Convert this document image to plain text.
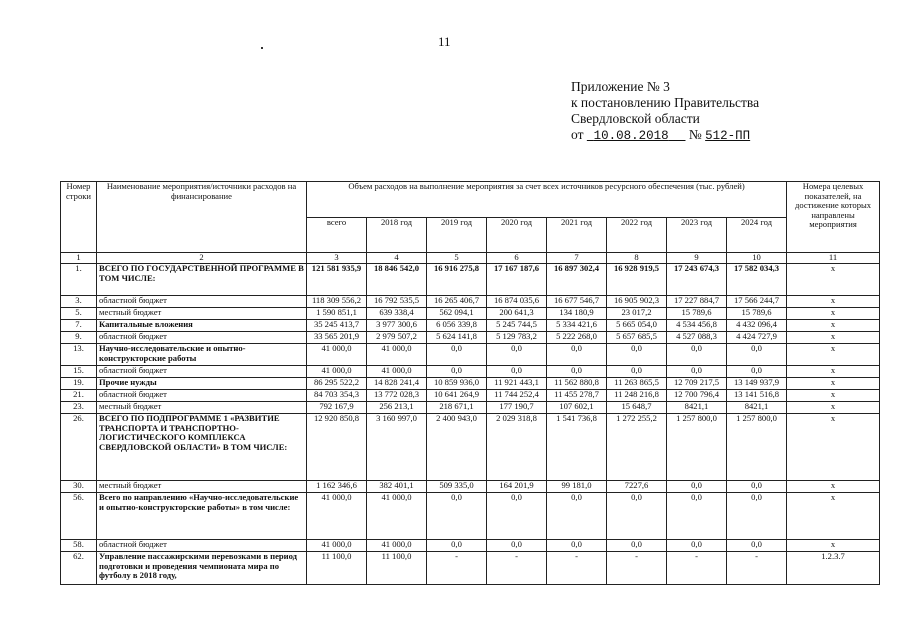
11
Приложение № 3
к постановлению Правительства
Свердловской области
от 10.08.2018 № 512-ПП
Номер строки	Наименование мероприятия/источники расходов на финансирование	Объем расходов на выполнение мероприятия за счет всех источников ресурсного обеспечения (тыс. рублей)								Номера целевых показателей, на достижение которых направлены мероприятия
		всего	2018 год	2019 год	2020 год	2021 год	2022 год	2023 год	2024 год	
1	2	3	4	5	6	7	8	9	10	11
1.	ВСЕГО ПО ГОСУДАРСТВЕННОЙ ПРОГРАММЕ В ТОМ ЧИСЛЕ:	121 581 935,9	18 846 542,0	16 916 275,8	17 167 187,6	16 897 302,4	16 928 919,5	17 243 674,3	17 582 034,3	x
3.	областной бюджет	118 309 556,2	16 792 535,5	16 265 406,7	16 874 035,6	16 677 546,7	16 905 902,3	17 227 884,7	17 566 244,7	x
5.	местный бюджет	1 590 851,1	639 338,4	562 094,1	200 641,3	134 180,9	23 017,2	15 789,6	15 789,6	x
7.	Капитальные вложения	35 245 413,7	3 977 300,6	6 056 339,8	5 245 744,5	5 334 421,6	5 665 054,0	4 534 456,8	4 432 096,4	x
9.	областной бюджет	33 565 201,9	2 979 507,2	5 624 141,8	5 129 783,2	5 222 268,0	5 657 685,5	4 527 088,3	4 424 727,9	x
13.	Научно-исследовательские и опытно-конструкторские работы	41 000,0	41 000,0	0,0	0,0	0,0	0,0	0,0	0,0	x
15.	областной бюджет	41 000,0	41 000,0	0,0	0,0	0,0	0,0	0,0	0,0	x
19.	Прочие нужды	86 295 522,2	14 828 241,4	10 859 936,0	11 921 443,1	11 562 880,8	11 263 865,5	12 709 217,5	13 149 937,9	x
21.	областной бюджет	84 703 354,3	13 772 028,3	10 641 264,9	11 744 252,4	11 455 278,7	11 248 216,8	12 700 796,4	13 141 516,8	x
23.	местный бюджет	792 167,9	256 213,1	218 671,1	177 190,7	107 602,1	15 648,7	8421,1	8421,1	x
26.	ВСЕГО ПО ПОДПРОГРАММЕ 1 «РАЗВИТИЕ ТРАНСПОРТА И ТРАНСПОРТНО-ЛОГИСТИЧЕСКОГО КОМПЛЕКСА СВЕРДЛОВСКОЙ ОБЛАСТИ» В ТОМ ЧИСЛЕ:	12 920 850,8	3 160 997,0	2 400 943,0	2 029 318,8	1 541 736,8	1 272 255,2	1 257 800,0	1 257 800,0	x
30.	местный бюджет	1 162 346,6	382 401,1	509 335,0	164 201,9	99 181,0	7227,6	0,0	0,0	x
56.	Всего по направлению «Научно-исследовательские и опытно-конструкторские работы» в том числе:	41 000,0	41 000,0	0,0	0,0	0,0	0,0	0,0	0,0	x
58.	областной бюджет	41 000,0	41 000,0	0,0	0,0	0,0	0,0	0,0	0,0	x
62.	Управление пассажирскими перевозками в период подготовки и проведения чемпионата мира по футболу в 2018 году,	11 100,0	11 100,0	-	-	-	-	-	-	1.2.3.7
